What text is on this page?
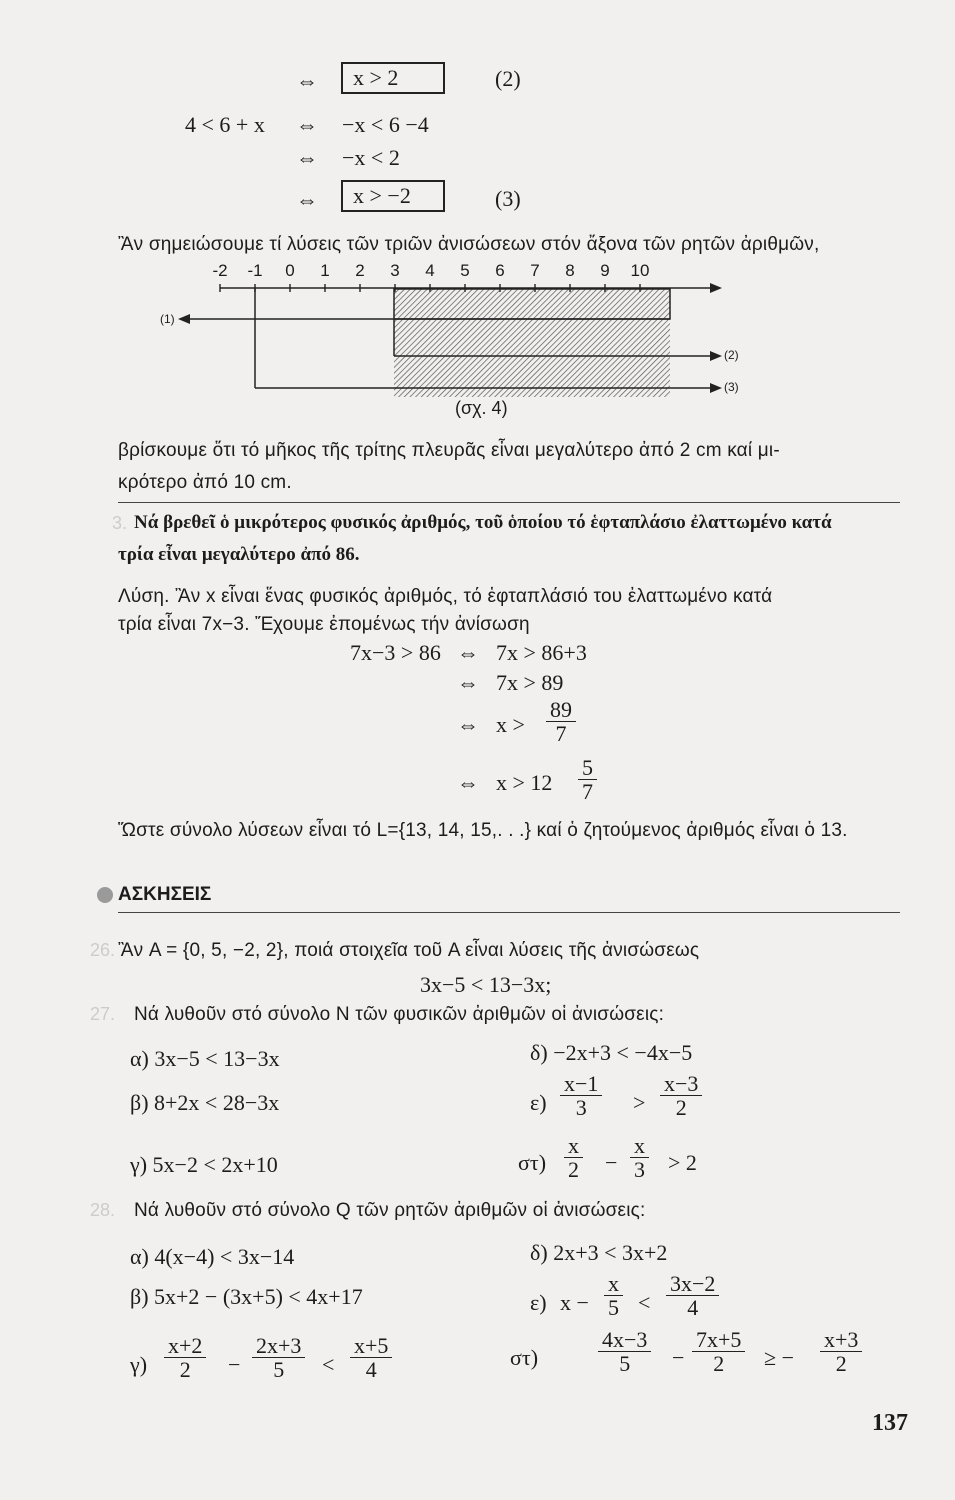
⇔	x > 2	(2)
4 < 6 + x ⇔ −x < 6 −4
⇔ −x < 2
⇔	x > −2	(3)
Ἂν σημειώσουμε τί λύσεις τῶν τριῶν ἀνισώσεων στόν ἄξονα τῶν ρητῶν ἀριθμῶν,
-2 -1 0 1 2 3 4 5 6 7 8 9 10
(1)
(2)
(3)
(σχ. 4)
βρίσκουμε ὅτι τό μῆκος τῆς τρίτης πλευρᾶς εἶναι μεγαλύτερο ἀπό 2 cm καί μι-
κρότερο ἀπό 10 cm.
3. Νά βρεθεῖ ὁ μικρότερος φυσικός ἀριθμός, τοῦ ὁποίου τό ἑφταπλάσιο ἐλαττωμένο κατά
τρία εἶναι μεγαλύτερο ἀπό 86.
Λύση. Ἂν x εἶναι ἕνας φυσικός ἀριθμός, τό ἑφταπλάσιό του ἐλαττωμένο κατά
τρία εἶναι 7x−3. Ἔχουμε ἐπομένως τήν ἀνίσωση
7x−3 > 86 ⇔ 7x > 86+3
⇔ 7x > 89
⇔ $x > \frac{89}{7}$
⇔ $x > 12 \frac{5}{7}$
Ὥστε σύνολο λύσεων εἶναι τό L={13, 14, 15,. . .} καί ὁ ζητούμενος ἀριθμός εἶναι ὁ 13.
ΑΣΚΗΣΕΙΣ
26. Ἂν A = {0, 5, −2, 2}, ποιά στοιχεῖα τοῦ A εἶναι λύσεις τῆς ἀνισώσεως
3x−5 < 13−3x;
27. Νά λυθοῦν στό σύνολο N τῶν φυσικῶν ἀριθμῶν οἱ ἀνισώσεις:
α) 3x−5 < 13−3x	δ) −2x+3 < −4x−5
β) 8+2x < 28−3x	$\varepsilon) \frac{x-1}{3} > \frac{x-3}{2}$
γ) 5x−2 < 2x+10	$\sigma\tau) \frac{x}{2} - \frac{x}{3} > 2$
28. Νά λυθοῦν στό σύνολο Q τῶν ρητῶν ἀριθμῶν οἱ ἀνισώσεις:
α) 4(x−4) < 3x−14	δ) 2x+3 < 3x+2
β) 5x+2 − (3x+5) < 4x+17	ε) $x - \frac{x}{5} < \frac{3x-2}{4}$
$\gamma) \frac{x+2}{2} - \frac{2x+3}{5} < \frac{x+5}{4}$	στ)	$\frac{4x-3}{5} - \frac{7x+5}{2}$ ≥ − $\frac{x+3}{2}$
137
